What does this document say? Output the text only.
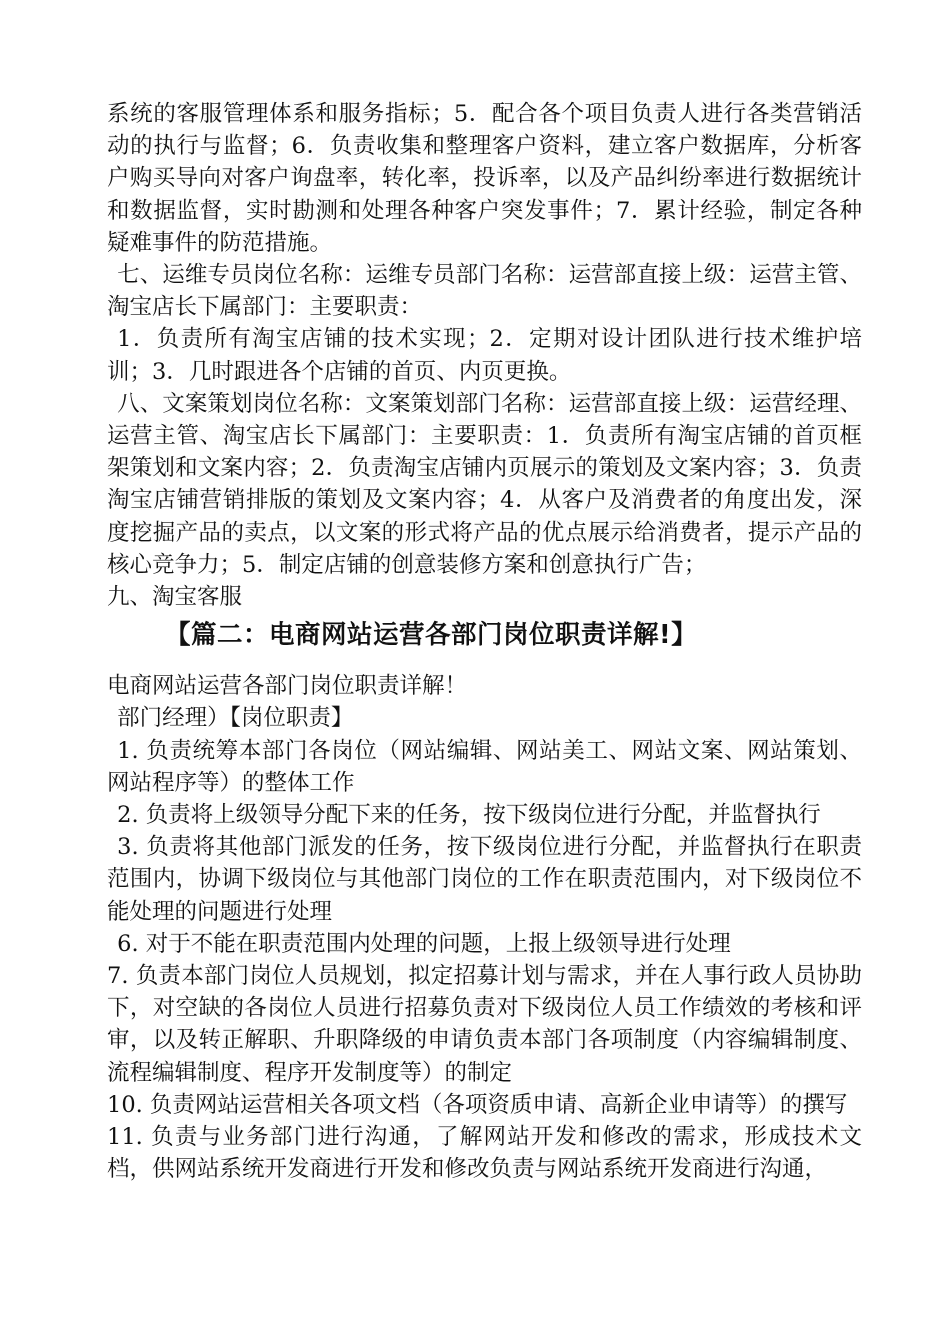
系统的客服管理体系和服务指标；5．配合各个项目负责人进行各类营销活动的执行与监督；6．负责收集和整理客户资料，建立客户数据库，分析客户购买导向对客户询盘率，转化率，投诉率，以及产品纠纷率进行数据统计和数据监督，实时勘测和处理各种客户突发事件；7．累计经验，制定各种疑难事件的防范措施。

七、运维专员岗位名称：运维专员部门名称：运营部直接上级：运营主管、淘宝店长下属部门：主要职责：

1．负责所有淘宝店铺的技术实现；2．定期对设计团队进行技术维护培训；3．几时跟进各个店铺的首页、内页更换。

八、文案策划岗位名称：文案策划部门名称：运营部直接上级：运营经理、运营主管、淘宝店长下属部门：主要职责：1．负责所有淘宝店铺的首页框架策划和文案内容；2．负责淘宝店铺内页展示的策划及文案内容；3．负责淘宝店铺营销排版的策划及文案内容；4．从客户及消费者的角度出发，深度挖掘产品的卖点，以文案的形式将产品的优点展示给消费者，提示产品的核心竞争力；5．制定店铺的创意装修方案和创意执行广告；

九、淘宝客服

【篇二：电商网站运营各部门岗位职责详解!】

电商网站运营各部门岗位职责详解！

部门经理）【岗位职责】

1. 负责统筹本部门各岗位（网站编辑、网站美工、网站文案、网站策划、网站程序等）的整体工作

2. 负责将上级领导分配下来的任务，按下级岗位进行分配，并监督执行

3. 负责将其他部门派发的任务，按下级岗位进行分配，并监督执行在职责范围内，协调下级岗位与其他部门岗位的工作在职责范围内，对下级岗位不能处理的问题进行处理

6. 对于不能在职责范围内处理的问题，上报上级领导进行处理

7. 负责本部门岗位人员规划，拟定招募计划与需求，并在人事行政人员协助下，对空缺的各岗位人员进行招募负责对下级岗位人员工作绩效的考核和评审，以及转正解职、升职降级的申请负责本部门各项制度（内容编辑制度、流程编辑制度、程序开发制度等）的制定

10. 负责网站运营相关各项文档（各项资质申请、高新企业申请等）的撰写

11. 负责与业务部门进行沟通，了解网站开发和修改的需求，形成技术文档，供网站系统开发商进行开发和修改负责与网站系统开发商进行沟通，
